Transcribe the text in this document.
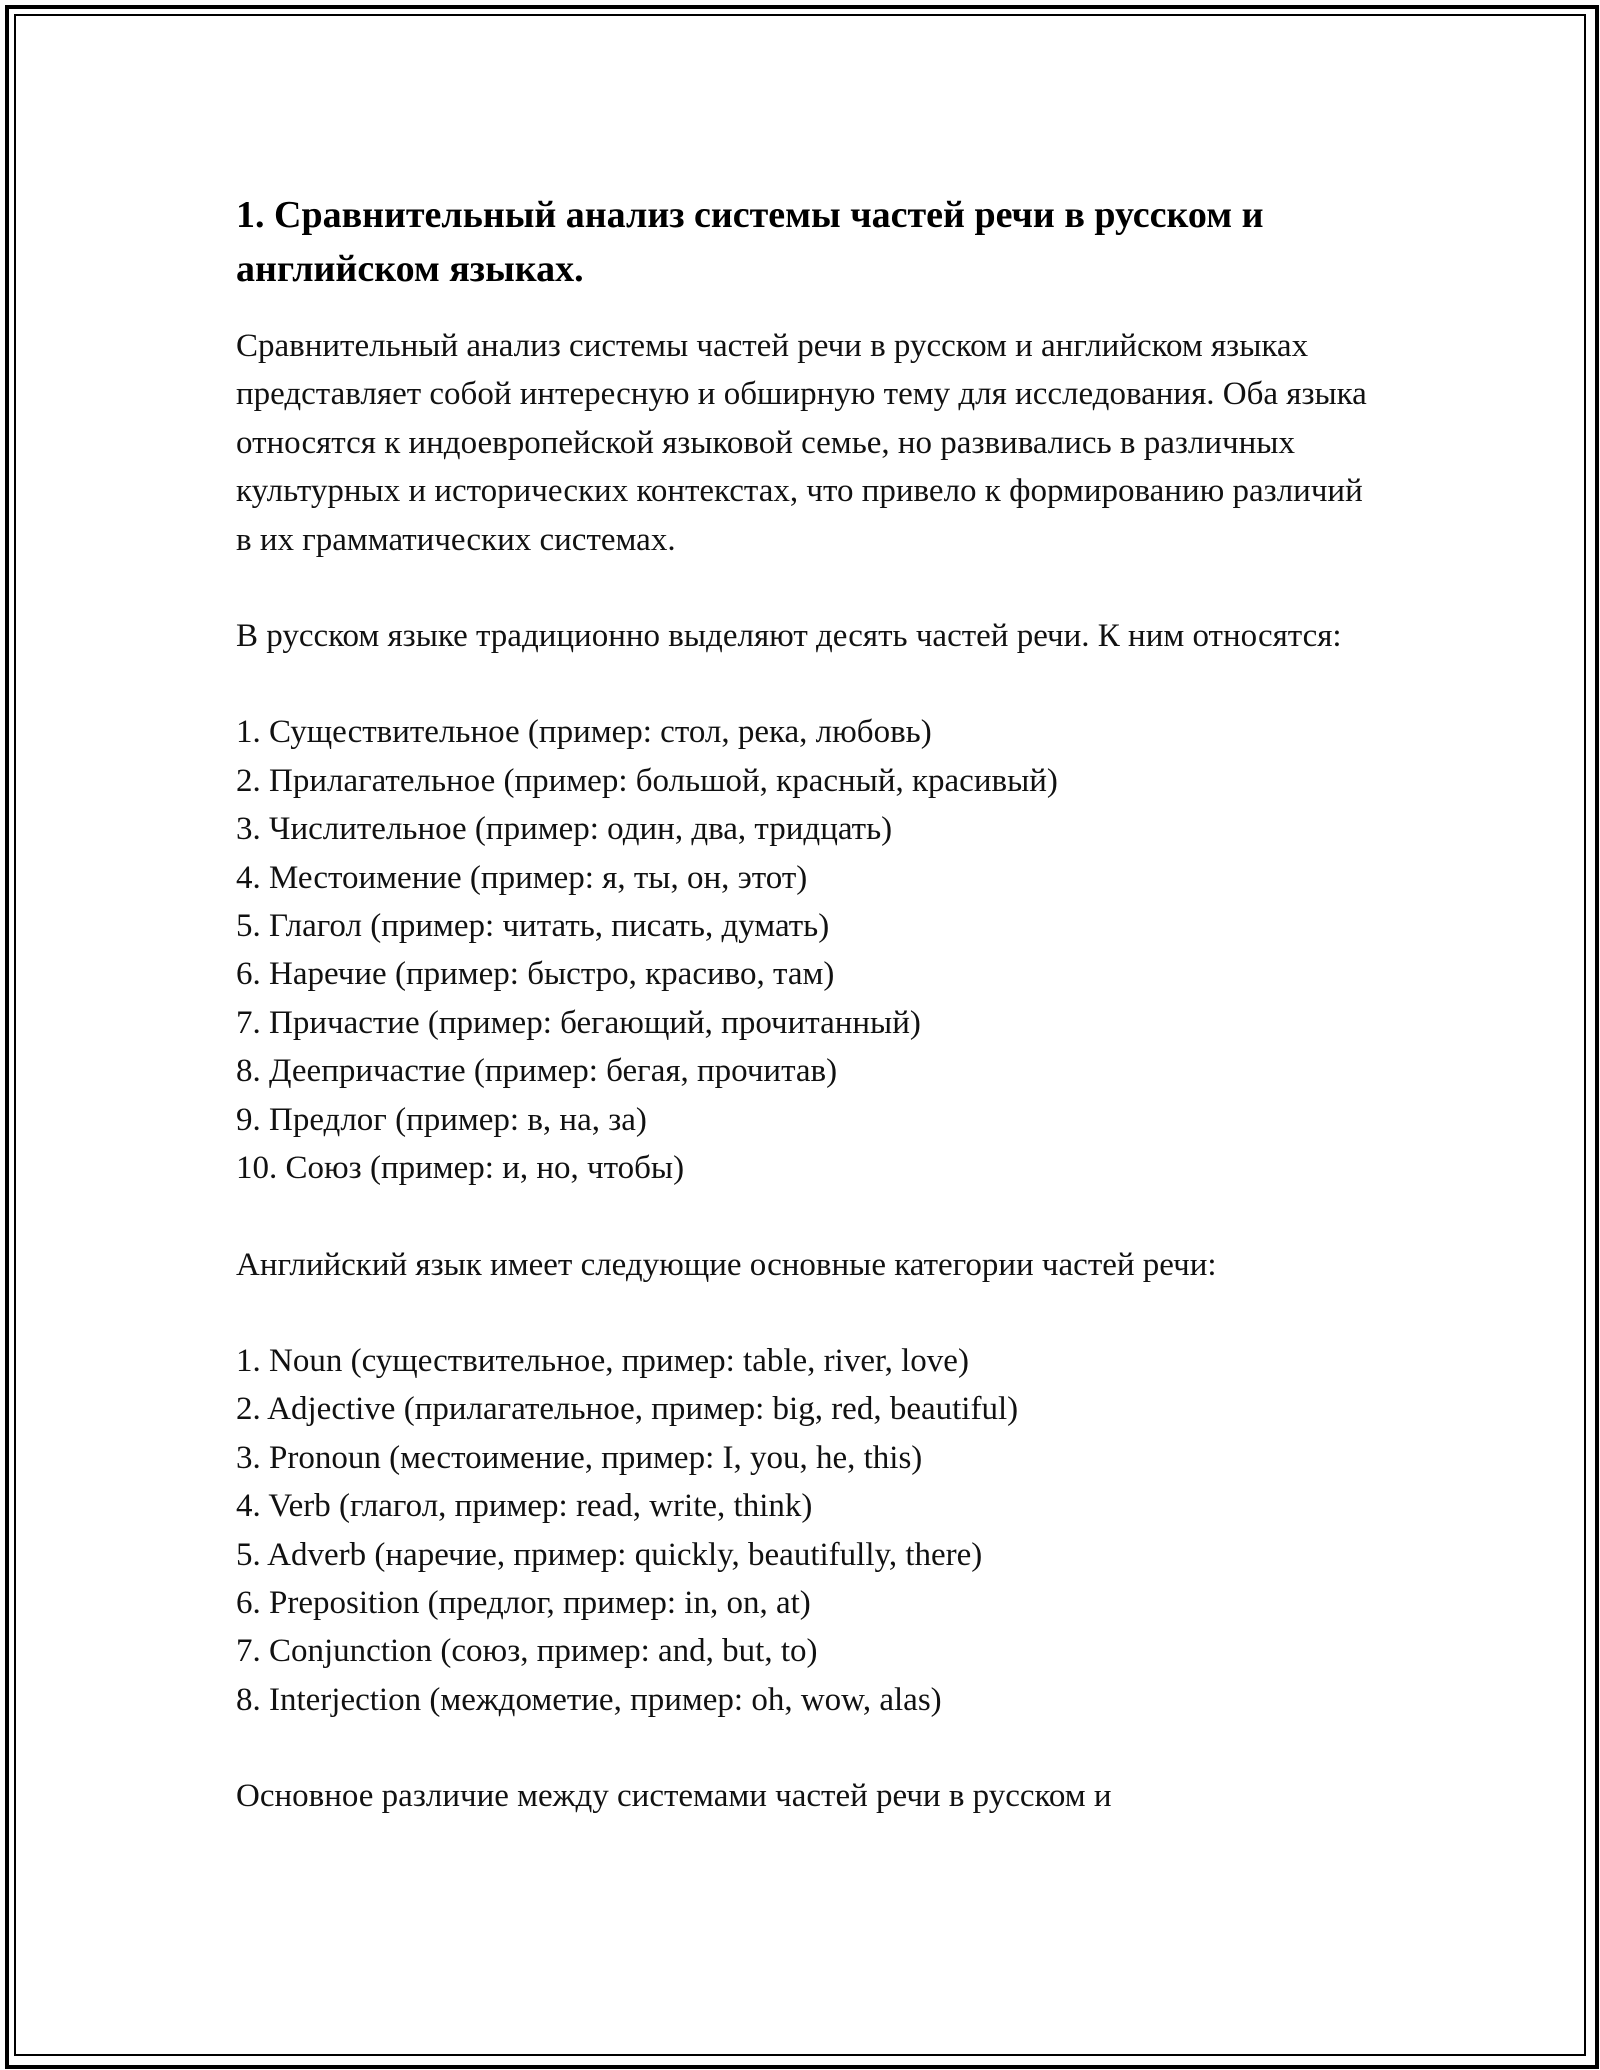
1. Сравнительный анализ системы частей речи в русском и английском языках.

Сравнительный анализ системы частей речи в русском и английском языках представляет собой интересную и обширную тему для исследования. Оба языка относятся к индоевропейской языковой семье, но развивались в различных культурных и исторических контекстах, что привело к формированию различий в их грамматических системах.

В русском языке традиционно выделяют десять частей речи. К ним относятся:

1. Существительное (пример: стол, река, любовь)
2. Прилагательное (пример: большой, красный, красивый)
3. Числительное (пример: один, два, тридцать)
4. Местоимение (пример: я, ты, он, этот)
5. Глагол (пример: читать, писать, думать)
6. Наречие (пример: быстро, красиво, там)
7. Причастие (пример: бегающий, прочитанный)
8. Деепричастие (пример: бегая, прочитав)
9. Предлог (пример: в, на, за)
10. Союз (пример: и, но, чтобы)

Английский язык имеет следующие основные категории частей речи:

1. Noun (существительное, пример: table, river, love)
2. Adjective (прилагательное, пример: big, red, beautiful)
3. Pronoun (местоимение, пример: I, you, he, this)
4. Verb (глагол, пример: read, write, think)
5. Adverb (наречие, пример: quickly, beautifully, there)
6. Preposition (предлог, пример: in, on, at)
7. Conjunction (союз, пример: and, but, to)
8. Interjection (междометие, пример: oh, wow, alas)

Основное различие между системами частей речи в русском и
